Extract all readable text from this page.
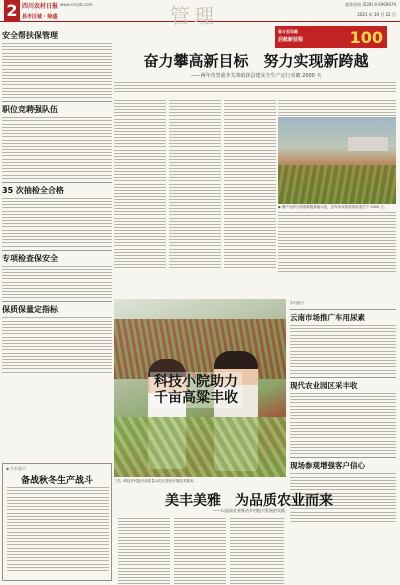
2 四川农村日报 www.scnjrb.com
县市区域 · 除盛	管理	服务热线 (028) 8 6968979
2021 年 10 月 22 日
安全帮扶保管理
职位竞聘强队伍
35 次抽检全合格
专项检查保安全
保质保量定指标
奋斗百年路
启航新征程	100
奋力攀高新目标　努力实现新跨越
——两年攻坚重李关筹暗抚县建实全生产定行实破 2000 天
◆ 图中为部分高粱种植基地示范，近年来实现高粱收成生产 2000 天。
科技小院助力
千亩高粱丰收
三名. 科技乡村振兴高质量示范区建设开展技术服务。
乡村振兴
云南市场推广车用尿素
现代农业园区采丰收
现场参观增强客户信心
美丰美雅　为品质农业而来
——以品质农业推动乡村振兴发展的实践
◆ 乡村振兴
备战秋冬生产战斗
